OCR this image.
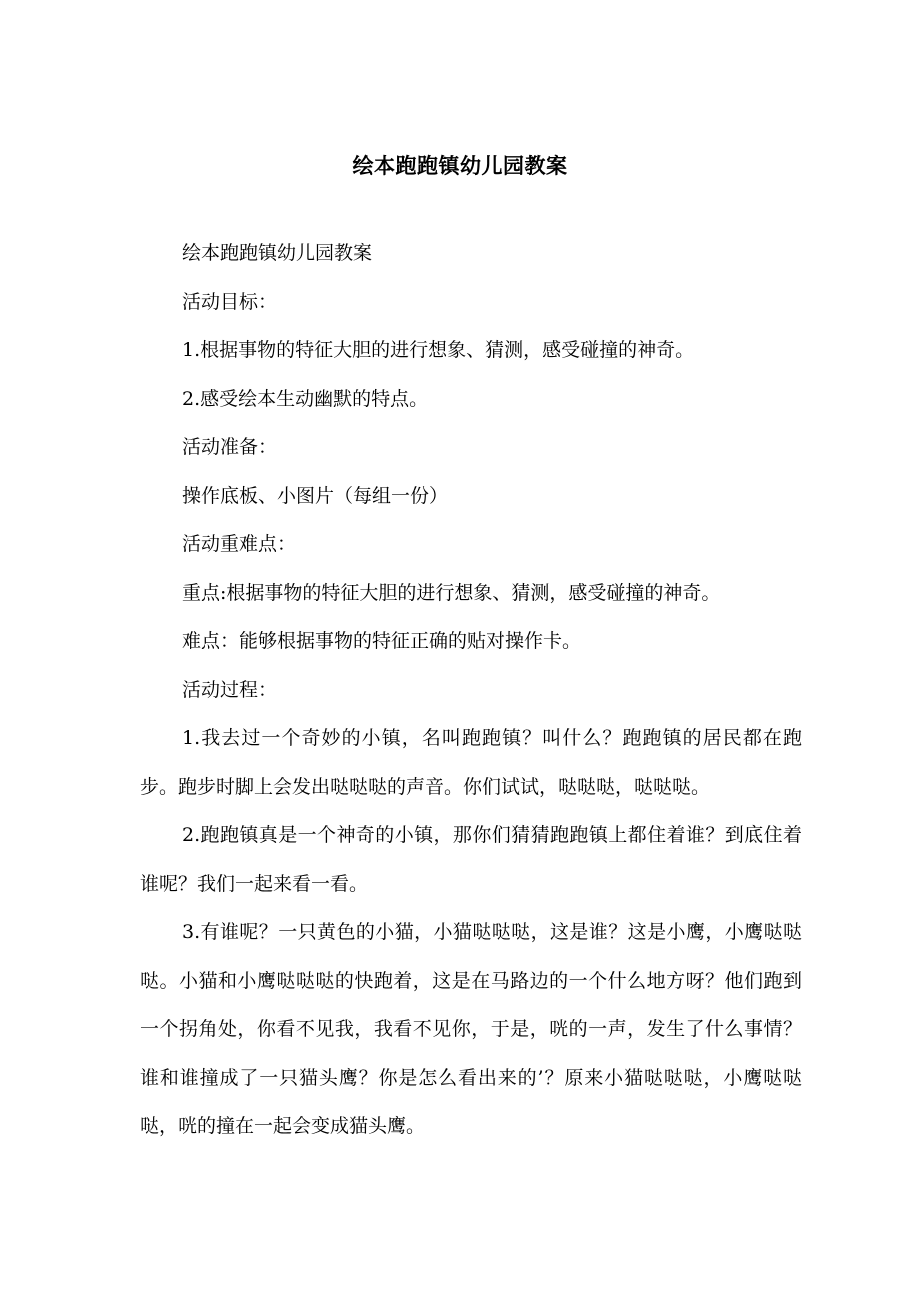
绘本跑跑镇幼儿园教案

绘本跑跑镇幼儿园教案

活动目标：

1.根据事物的特征大胆的进行想象、猜测，感受碰撞的神奇。

2.感受绘本生动幽默的特点。

活动准备：

操作底板、小图片（每组一份）

活动重难点：

重点:根据事物的特征大胆的进行想象、猜测，感受碰撞的神奇。

难点：能够根据事物的特征正确的贴对操作卡。

活动过程：

1.我去过一个奇妙的小镇，名叫跑跑镇？叫什么？跑跑镇的居民都在跑步。跑步时脚上会发出哒哒哒的声音。你们试试，哒哒哒，哒哒哒。

2.跑跑镇真是一个神奇的小镇，那你们猜猜跑跑镇上都住着谁？到底住着谁呢？我们一起来看一看。

3.有谁呢？一只黄色的小猫，小猫哒哒哒，这是谁？这是小鹰，小鹰哒哒哒。小猫和小鹰哒哒哒的快跑着，这是在马路边的一个什么地方呀？他们跑到一个拐角处，你看不见我，我看不见你，于是，咣的一声，发生了什么事情？谁和谁撞成了一只猫头鹰？你是怎么看出来的’？原来小猫哒哒哒，小鹰哒哒哒，咣的撞在一起会变成猫头鹰。
